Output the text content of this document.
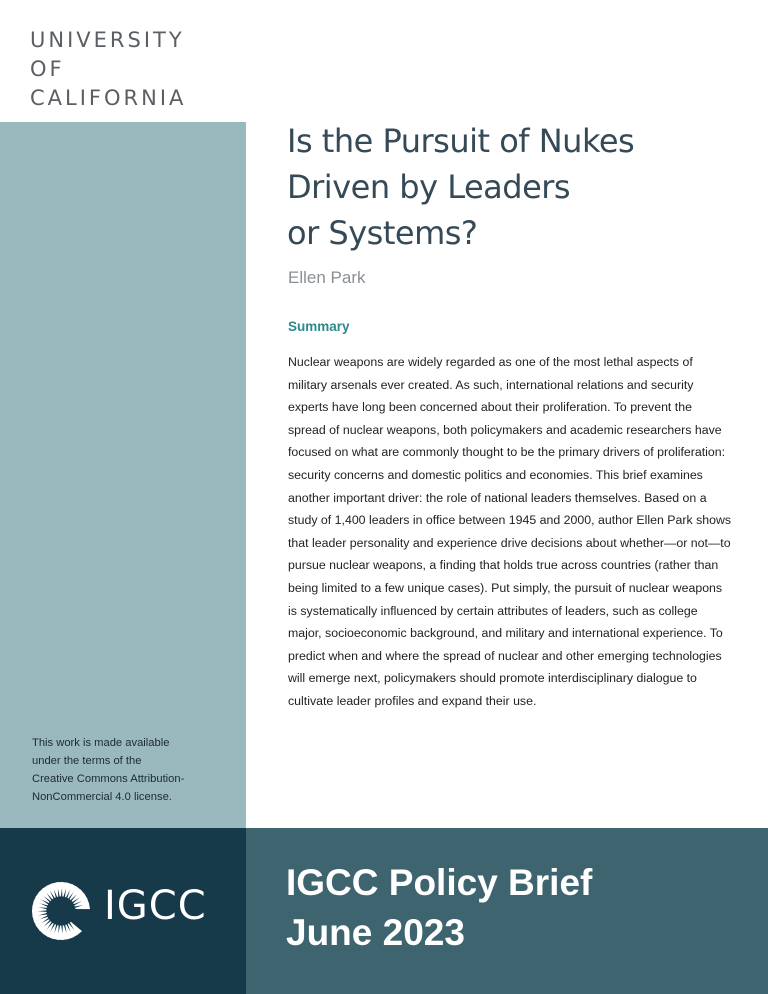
UNIVERSITY
OF
CALIFORNIA
This work is made available
under the terms of the
Creative Commons Attribution-
NonCommercial 4.0 license.
Is the Pursuit of Nukes
Driven by Leaders
or Systems?

Ellen Park

Summary

Nuclear weapons are widely regarded as one of the most lethal aspects of military arsenals ever created. As such, international relations and security experts have long been concerned about their proliferation. To prevent the spread of nuclear weapons, both policymakers and academic researchers have focused on what are commonly thought to be the primary drivers of proliferation: security concerns and domestic politics and economies. This brief examines another important driver: the role of national leaders themselves. Based on a study of 1,400 leaders in office between 1945 and 2000, author Ellen Park shows that leader personality and experience drive decisions about whether—or not—to pursue nuclear weapons, a finding that holds true across countries (rather than being limited to a few unique cases). Put simply, the pursuit of nuclear weapons is systematically influenced by certain attributes of leaders, such as college major, socioeconomic background, and military and international experience. To predict when and where the spread of nuclear and other emerging technologies will emerge next, policymakers should promote interdisciplinary dialogue to cultivate leader profiles and expand their use.

IGCC
IGCC Policy Brief
June 2023
